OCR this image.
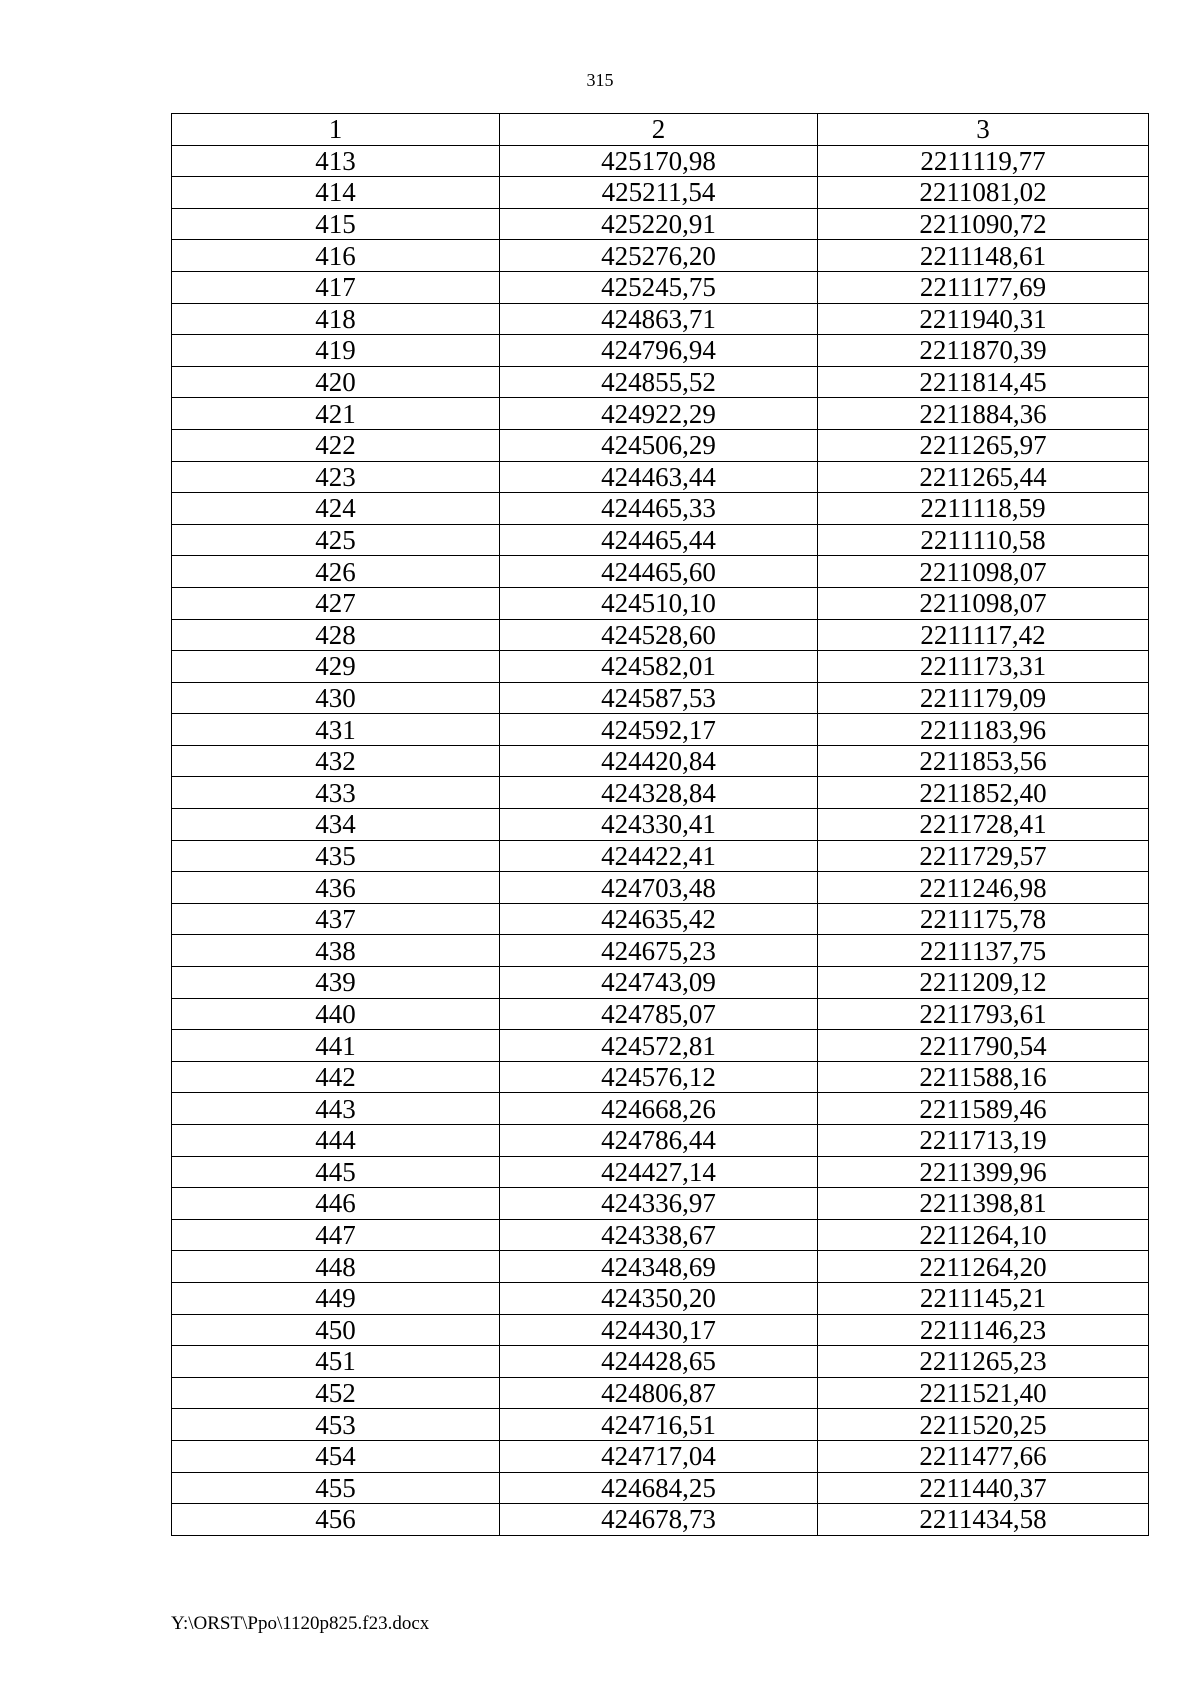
315
1	2	3
413	425170,98	2211119,77
414	425211,54	2211081,02
415	425220,91	2211090,72
416	425276,20	2211148,61
417	425245,75	2211177,69
418	424863,71	2211940,31
419	424796,94	2211870,39
420	424855,52	2211814,45
421	424922,29	2211884,36
422	424506,29	2211265,97
423	424463,44	2211265,44
424	424465,33	2211118,59
425	424465,44	2211110,58
426	424465,60	2211098,07
427	424510,10	2211098,07
428	424528,60	2211117,42
429	424582,01	2211173,31
430	424587,53	2211179,09
431	424592,17	2211183,96
432	424420,84	2211853,56
433	424328,84	2211852,40
434	424330,41	2211728,41
435	424422,41	2211729,57
436	424703,48	2211246,98
437	424635,42	2211175,78
438	424675,23	2211137,75
439	424743,09	2211209,12
440	424785,07	2211793,61
441	424572,81	2211790,54
442	424576,12	2211588,16
443	424668,26	2211589,46
444	424786,44	2211713,19
445	424427,14	2211399,96
446	424336,97	2211398,81
447	424338,67	2211264,10
448	424348,69	2211264,20
449	424350,20	2211145,21
450	424430,17	2211146,23
451	424428,65	2211265,23
452	424806,87	2211521,40
453	424716,51	2211520,25
454	424717,04	2211477,66
455	424684,25	2211440,37
456	424678,73	2211434,58
Y:\ORST\Ppo\1120p825.f23.docx
